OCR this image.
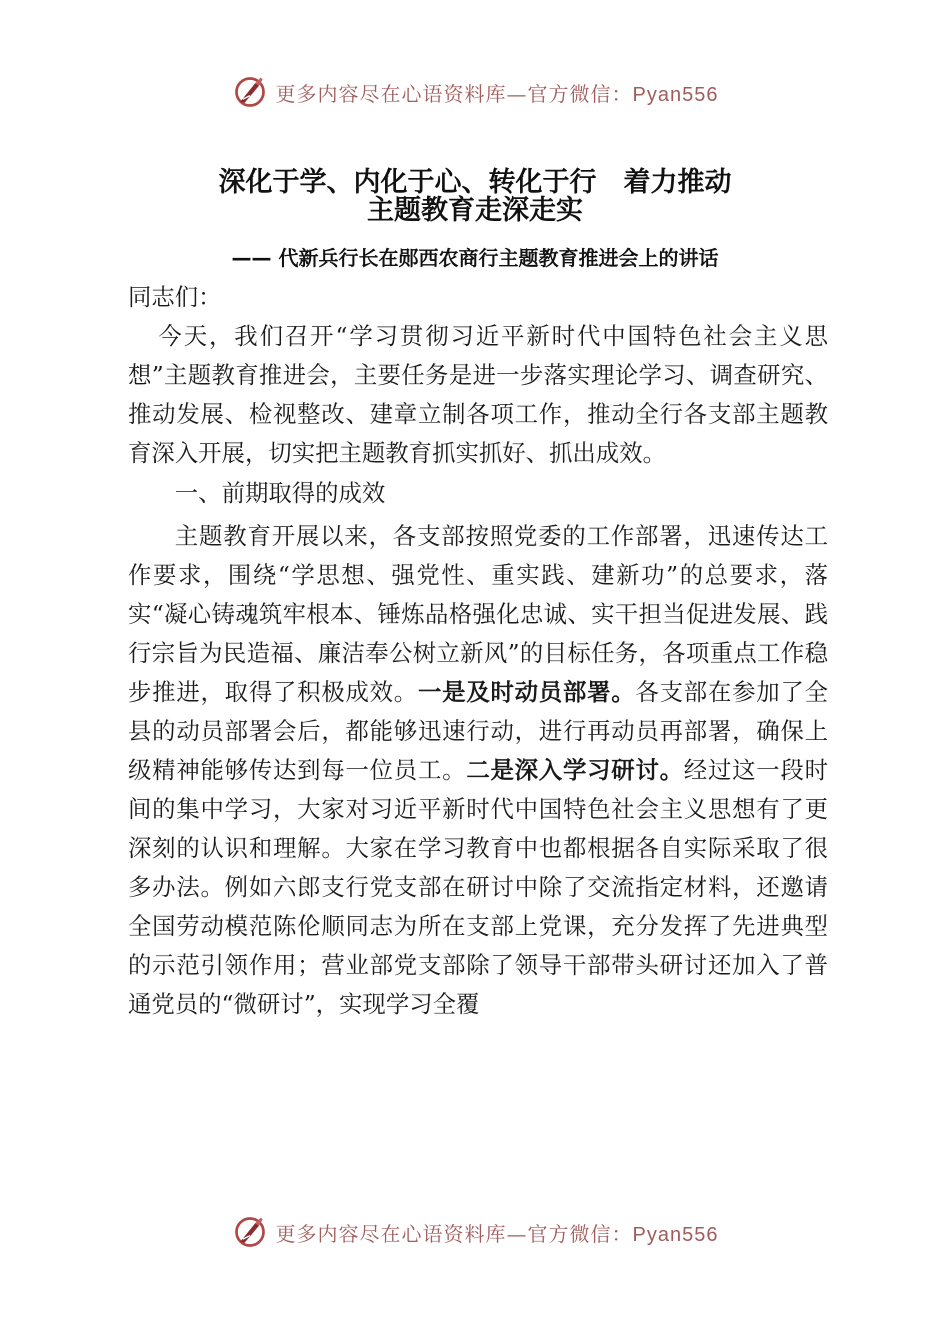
更多内容尽在心语资料库—官方微信：Pyan556
深化于学、内化于心、转化于行　着力推动
主题教育走深走实
—— 代新兵行长在郧西农商行主题教育推进会上的讲话

同志们：

今天，我们召开“学习贯彻习近平新时代中国特色社会主义思想”主题教育推进会，主要任务是进一步落实理论学习、调查研究、推动发展、检视整改、建章立制各项工作，推动全行各支部主题教育深入开展，切实把主题教育抓实抓好、抓出成效。

一、前期取得的成效

主题教育开展以来，各支部按照党委的工作部署，迅速传达工作要求，围绕“学思想、强党性、重实践、建新功”的总要求，落实“凝心铸魂筑牢根本、锤炼品格强化忠诚、实干担当促进发展、践行宗旨为民造福、廉洁奉公树立新风”的目标任务，各项重点工作稳步推进，取得了积极成效。一是及时动员部署。各支部在参加了全县的动员部署会后，都能够迅速行动，进行再动员再部署，确保上级精神能够传达到每一位员工。二是深入学习研讨。经过这一段时间的集中学习，大家对习近平新时代中国特色社会主义思想有了更深刻的认识和理解。大家在学习教育中也都根据各自实际采取了很多办法。例如六郎支行党支部在研讨中除了交流指定材料，还邀请全国劳动模范陈伦顺同志为所在支部上党课，充分发挥了先进典型的示范引领作用；营业部党支部除了领导干部带头研讨还加入了普通党员的“微研讨”，实现学习全覆

更多内容尽在心语资料库—官方微信：Pyan556
